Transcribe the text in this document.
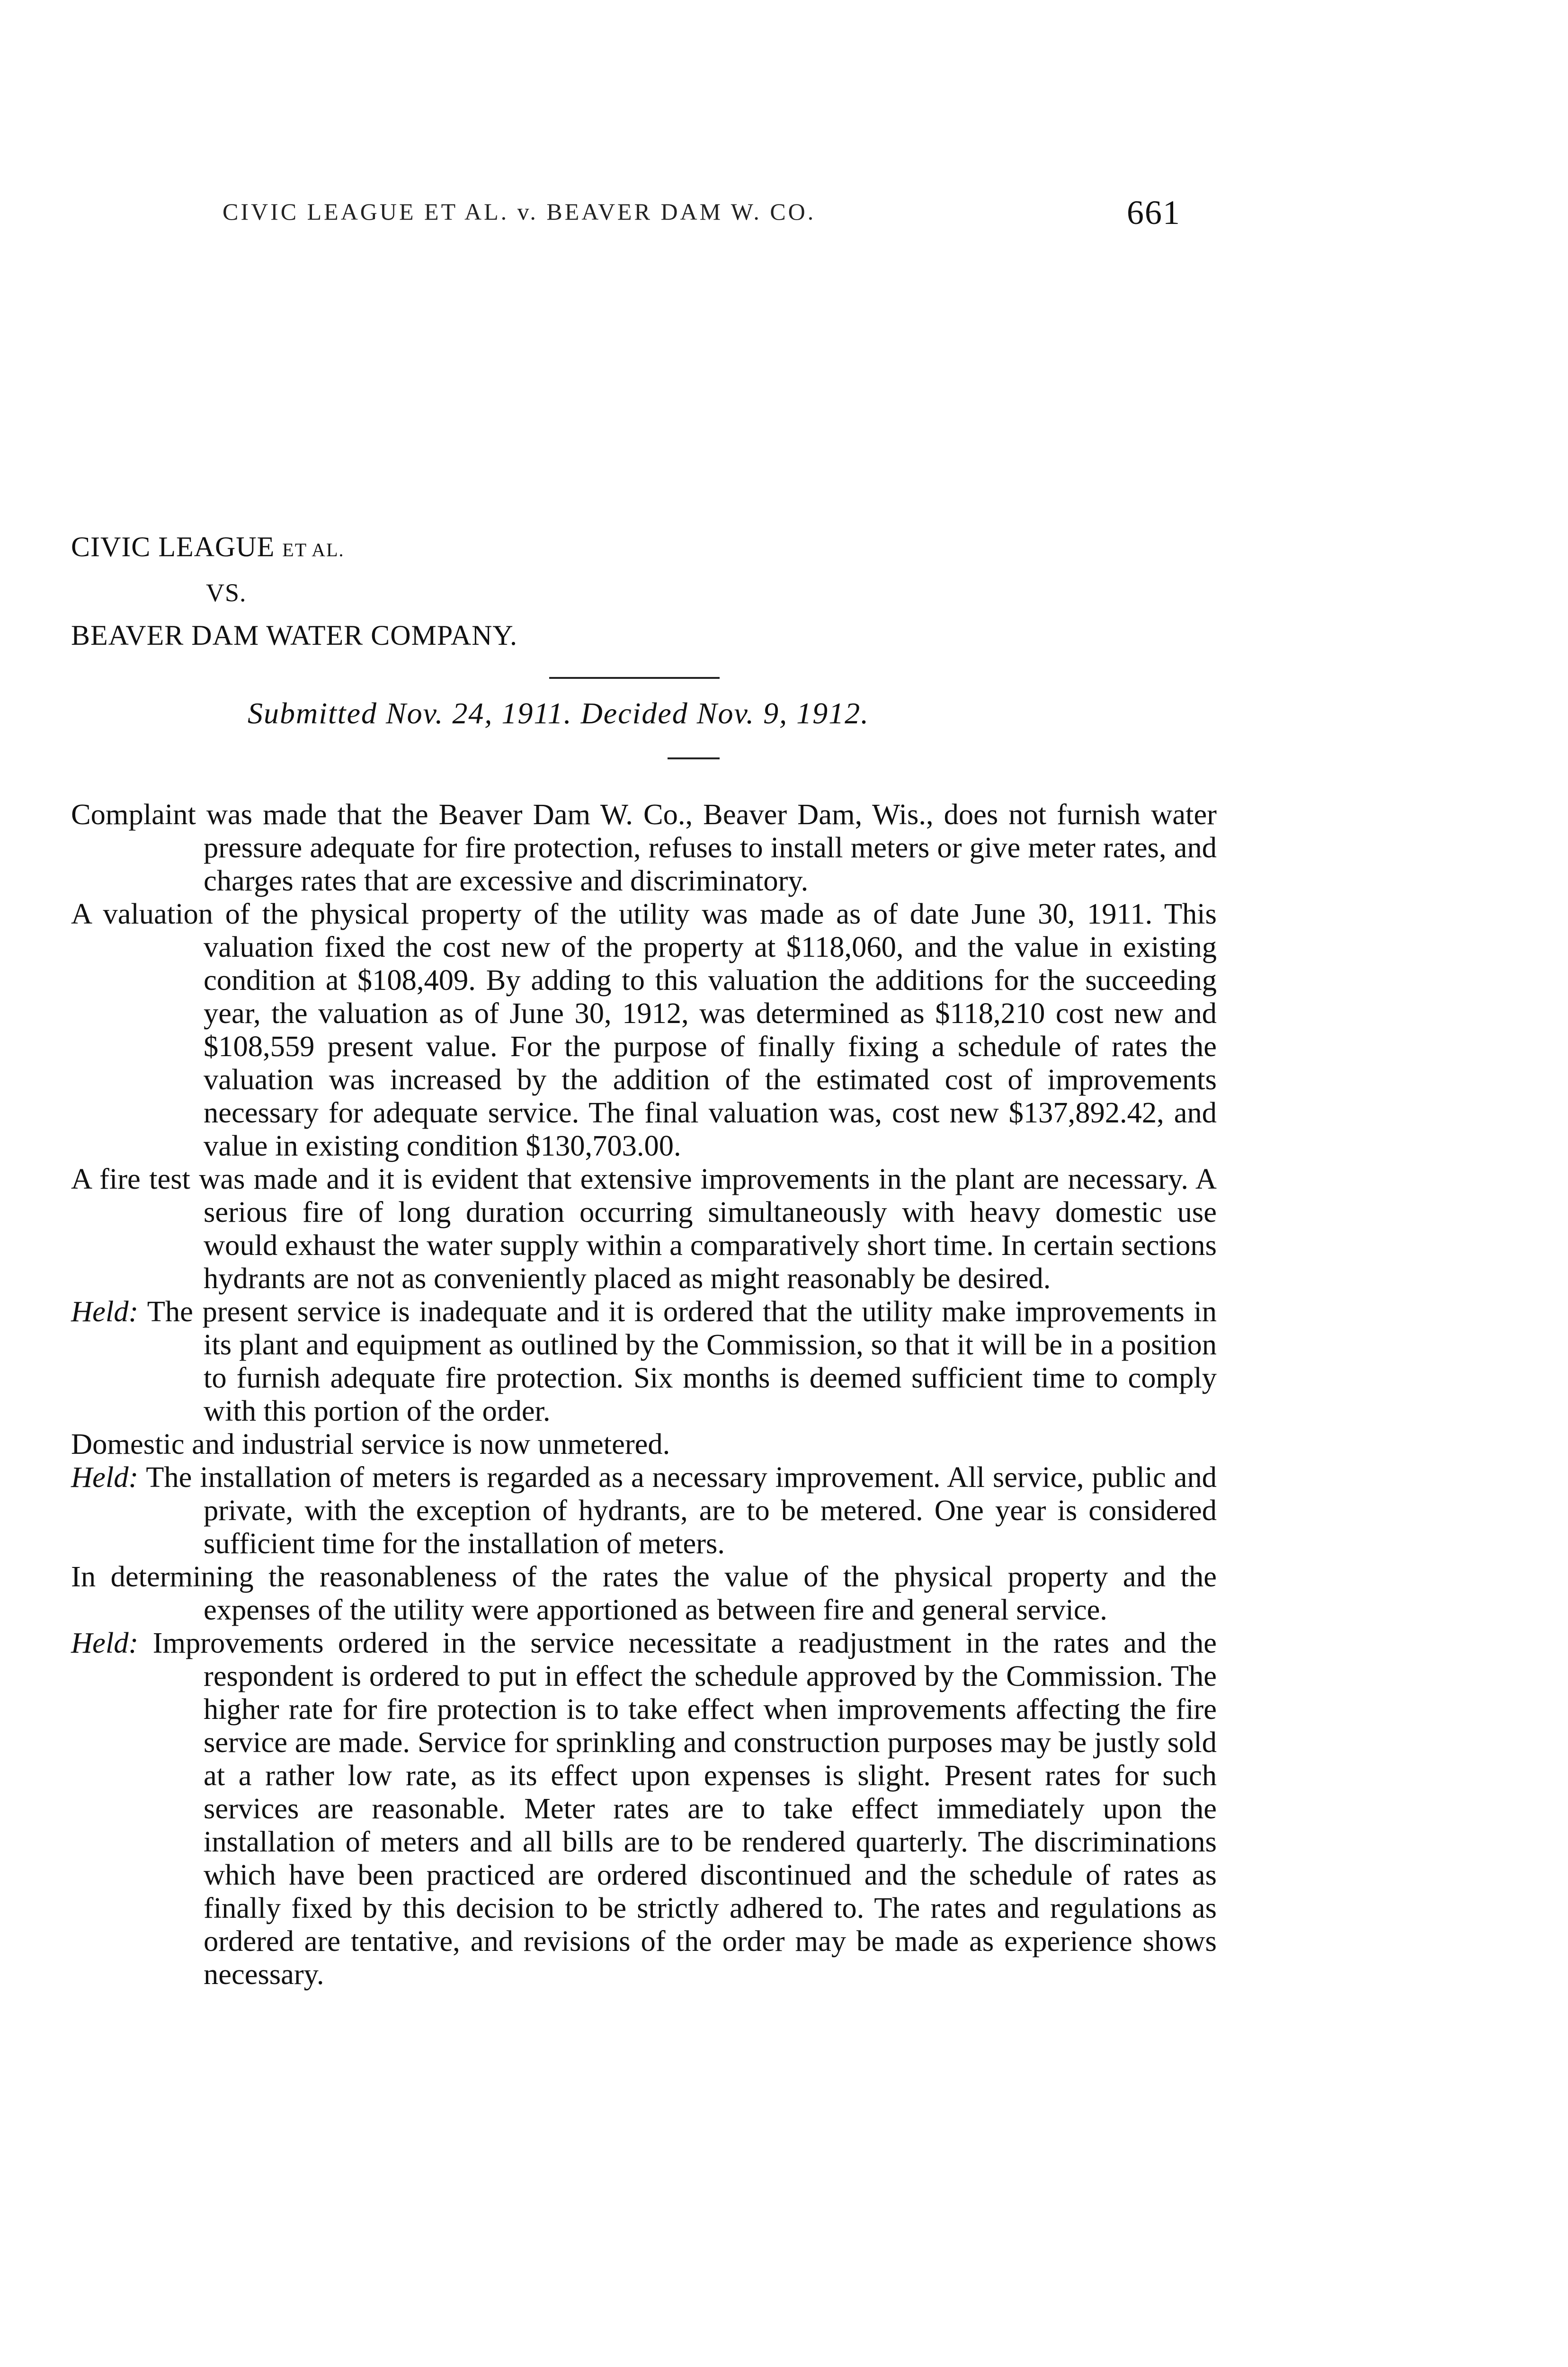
CIVIC LEAGUE ET AL. v. BEAVER DAM W. CO.	661
CIVIC LEAGUE ET AL.
VS.
BEAVER DAM WATER COMPANY.
Submitted Nov. 24, 1911. Decided Nov. 9, 1912.

Complaint was made that the Beaver Dam W. Co., Beaver Dam, Wis., does not furnish water pressure adequate for fire protection, refuses to install meters or give meter rates, and charges rates that are excessive and discriminatory.

A valuation of the physical property of the utility was made as of date June 30, 1911. This valuation fixed the cost new of the property at $118,060, and the value in existing condition at $108,409. By adding to this valuation the additions for the succeeding year, the valuation as of June 30, 1912, was determined as $118,210 cost new and $108,559 present value. For the purpose of finally fixing a schedule of rates the valuation was increased by the addition of the estimated cost of improvements necessary for adequate service. The final valuation was, cost new $137,892.42, and value in existing condition $130,703.00.

A fire test was made and it is evident that extensive improvements in the plant are necessary. A serious fire of long duration occurring simultaneously with heavy domestic use would exhaust the water supply within a comparatively short time. In certain sections hydrants are not as conveniently placed as might reasonably be desired.

Held: The present service is inadequate and it is ordered that the utility make improvements in its plant and equipment as outlined by the Commission, so that it will be in a position to furnish adequate fire protection. Six months is deemed sufficient time to comply with this portion of the order.

Domestic and industrial service is now unmetered.

Held: The installation of meters is regarded as a necessary improvement. All service, public and private, with the exception of hydrants, are to be metered. One year is considered sufficient time for the installation of meters.

In determining the reasonableness of the rates the value of the physical property and the expenses of the utility were apportioned as between fire and general service.

Held: Improvements ordered in the service necessitate a readjustment in the rates and the respondent is ordered to put in effect the schedule approved by the Commission. The higher rate for fire protection is to take effect when improvements affecting the fire service are made. Service for sprinkling and construction purposes may be justly sold at a rather low rate, as its effect upon expenses is slight. Present rates for such services are reasonable. Meter rates are to take effect immediately upon the installation of meters and all bills are to be rendered quarterly. The discriminations which have been practiced are ordered discontinued and the schedule of rates as finally fixed by this decision to be strictly adhered to. The rates and regulations as ordered are tentative, and revisions of the order may be made as experience shows necessary.
